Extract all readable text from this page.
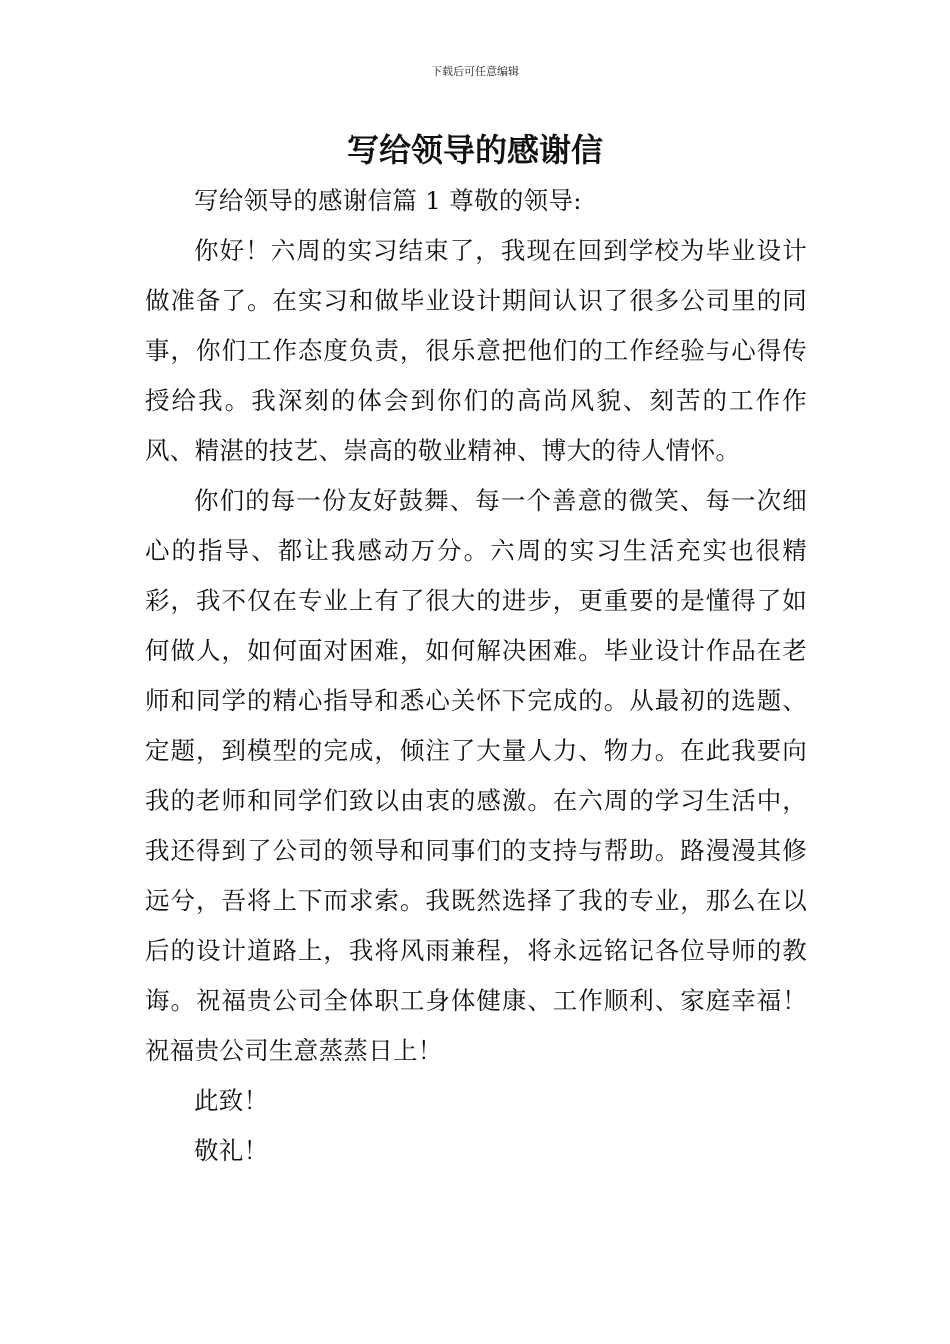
下载后可任意编辑
写给领导的感谢信

写给领导的感谢信篇 1 尊敬的领导:

你好！六周的实习结束了，我现在回到学校为毕业设计做准备了。在实习和做毕业设计期间认识了很多公司里的同事，你们工作态度负责，很乐意把他们的工作经验与心得传授给我。我深刻的体会到你们的高尚风貌、刻苦的工作作风、精湛的技艺、崇高的敬业精神、博大的待人情怀。

你们的每一份友好鼓舞、每一个善意的微笑、每一次细心的指导、都让我感动万分。六周的实习生活充实也很精彩，我不仅在专业上有了很大的进步，更重要的是懂得了如何做人，如何面对困难，如何解决困难。毕业设计作品在老师和同学的精心指导和悉心关怀下完成的。从最初的选题、定题，到模型的完成，倾注了大量人力、物力。在此我要向我的老师和同学们致以由衷的感激。在六周的学习生活中，我还得到了公司的领导和同事们的支持与帮助。路漫漫其修远兮，吾将上下而求索。我既然选择了我的专业，那么在以后的设计道路上，我将风雨兼程，将永远铭记各位导师的教诲。祝福贵公司全体职工身体健康、工作顺利、家庭幸福！祝福贵公司生意蒸蒸日上！

此致！

敬礼！
